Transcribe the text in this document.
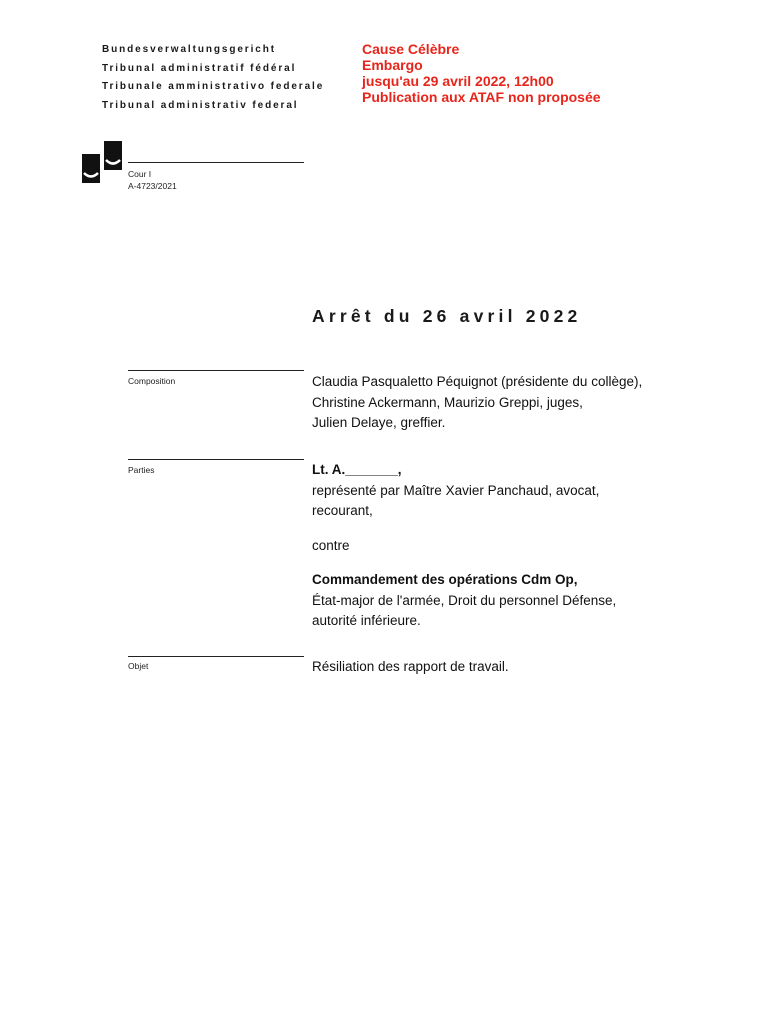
Bundesverwaltungsgericht
Tribunal administratif fédéral
Tribunale amministrativo federale
Tribunal administrativ federal
Cause Célèbre
Embargo
jusqu'au 29 avril 2022, 12h00
Publication aux ATAF non proposée
Cour I
A-4723/2021
Arrêt du 26 avril 2022
Composition	Claudia Pasqualetto Péquignot (présidente du collège),
Christine Ackermann, Maurizio Greppi, juges,
Julien Delaye, greffier.
Parties	Lt. A._______,
représenté par Maître Xavier Panchaud, avocat,
recourant,
contre
Commandement des opérations Cdm Op,
État-major de l'armée, Droit du personnel Défense,
autorité inférieure.
Objet	Résiliation des rapport de travail.
